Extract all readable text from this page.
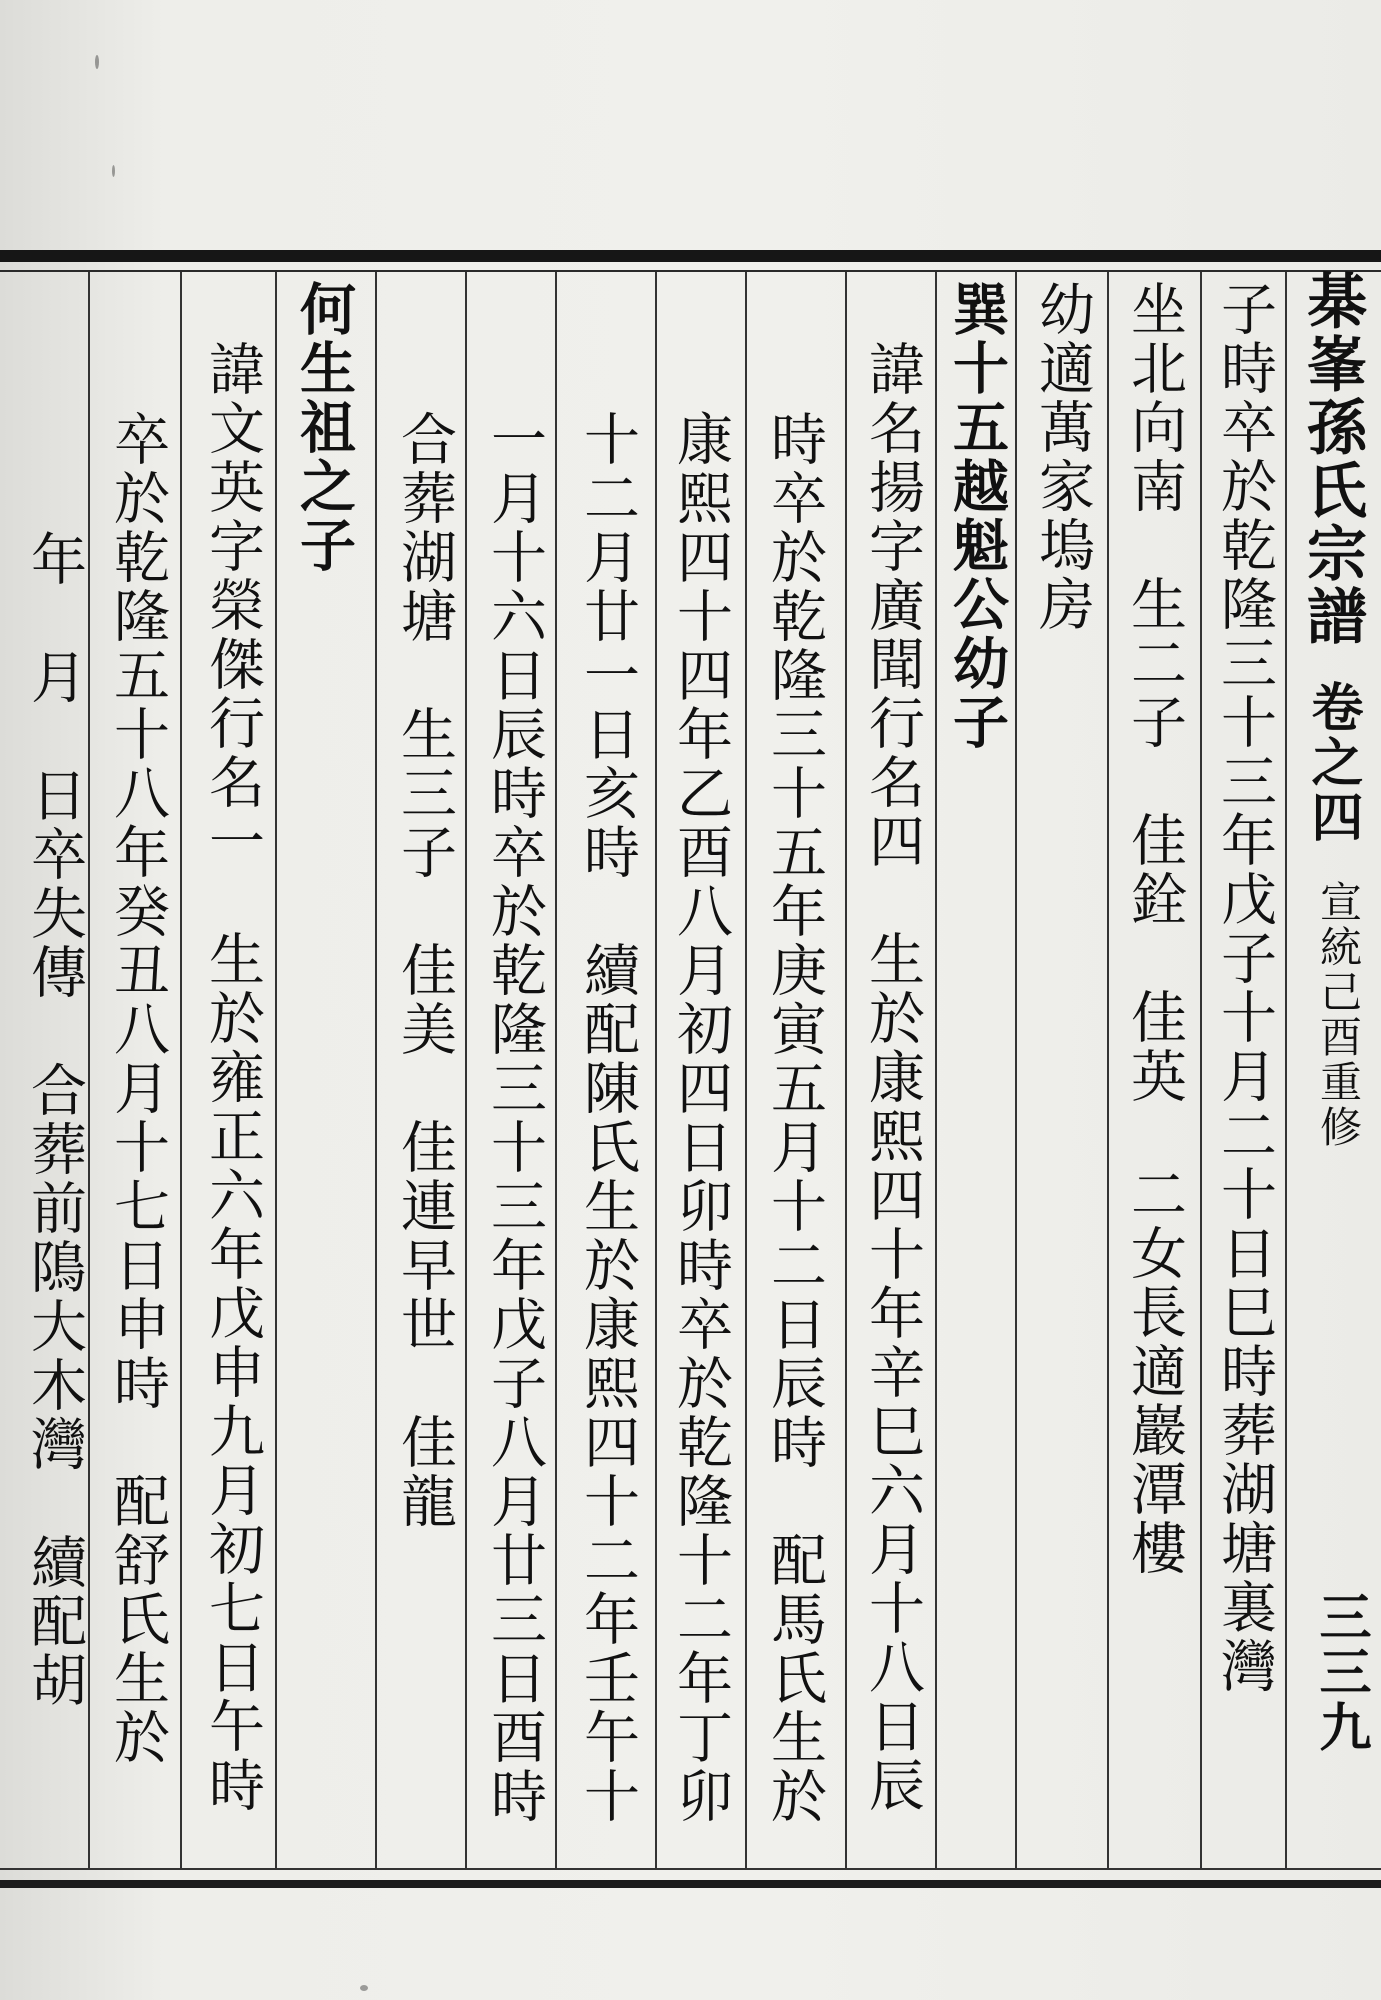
棊峯孫氏宗譜
卷之四
宣統己酉重修
三三九
子時卒於乾隆三十三年戊子十月二十日巳時葬湖塘裏灣
坐北向南　生二子　佳銓　佳英　二女長適巖潭樓
幼適萬家塢房
巽十五越魁公幼子
諱名揚字廣聞行名四　生於康熙四十年辛巳六月十八日辰
時卒於乾隆三十五年庚寅五月十二日辰時　配馬氏生於
康熙四十四年乙酉八月初四日卯時卒於乾隆十二年丁卯
十二月廿一日亥時　續配陳氏生於康熙四十二年壬午十
一月十六日辰時卒於乾隆三十三年戊子八月廿三日酉時
合葬湖塘　生三子　佳美　佳連早世　佳龍
何生祖之子
諱文英字榮傑行名一　生於雍正六年戊申九月初七日午時
卒於乾隆五十八年癸丑八月十七日申時　配舒氏生於
年　月　日卒失傳　合葬前隝大木灣　續配胡
